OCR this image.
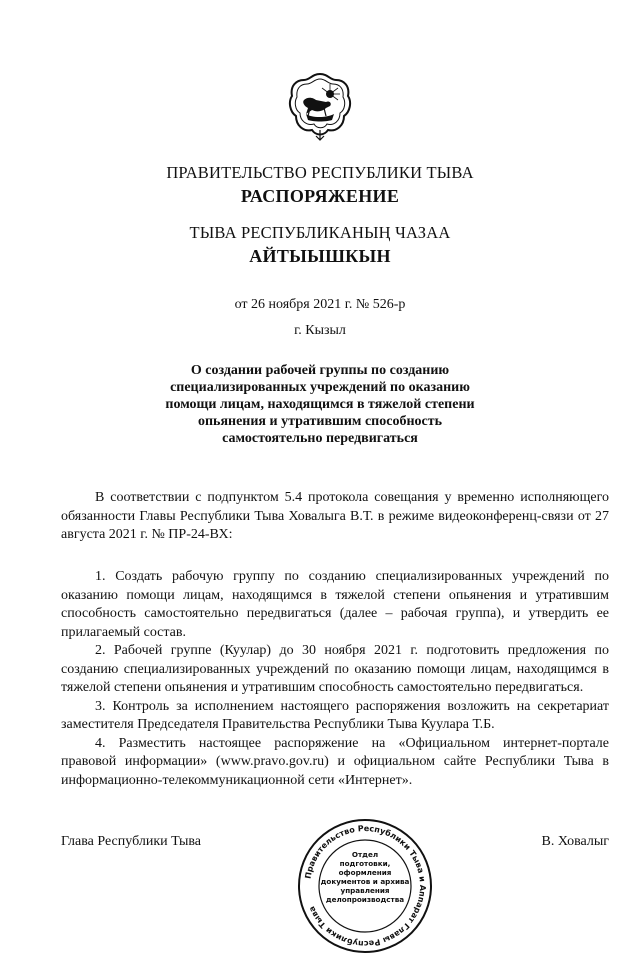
ПРАВИТЕЛЬСТВО РЕСПУБЛИКИ ТЫВА
РАСПОРЯЖЕНИЕ
ТЫВА РЕСПУБЛИКАНЫҢ ЧАЗАА
АЙТЫЫШКЫН
от 26 ноября 2021 г. № 526-р
г. Кызыл
О создании рабочей группы по созданию
специализированных учреждений по оказанию
помощи лицам, находящимся в тяжелой степени
опьянения и утратившим способность
самостоятельно передвигаться

В соответствии с подпунктом 5.4 протокола совещания у временно исполняющего обязанности Главы Республики Тыва Ховалыга В.Т. в режиме видеоконференц-связи от 27 августа 2021 г. № ПР-24-ВХ:

1. Создать рабочую группу по созданию специализированных учреждений по оказанию помощи лицам, находящимся в тяжелой степени опьянения и утратившим способность самостоятельно передвигаться (далее – рабочая группа), и утвердить ее прилагаемый состав.

2. Рабочей группе (Куулар) до 30 ноября 2021 г. подготовить предложения по созданию специализированных учреждений по оказанию помощи лицам, находящимся в тяжелой степени опьянения и утратившим способность самостоятельно передвигаться.

3. Контроль за исполнением настоящего распоряжения возложить на секретариат заместителя Председателя Правительства Республики Тыва Куулара Т.Б.

4. Разместить настоящее распоряжение на «Официальном интернет-портале правовой информации» (www.pravo.gov.ru) и официальном сайте Республики Тыва в информационно-телекоммуникационной сети «Интернет».

Глава Республики Тыва	В. Ховалыг
Правительство Республики Тыва и Аппарат Главы Республики Тыва
Отдел
подготовки,
оформления
документов и архива
управления
делопроизводства
